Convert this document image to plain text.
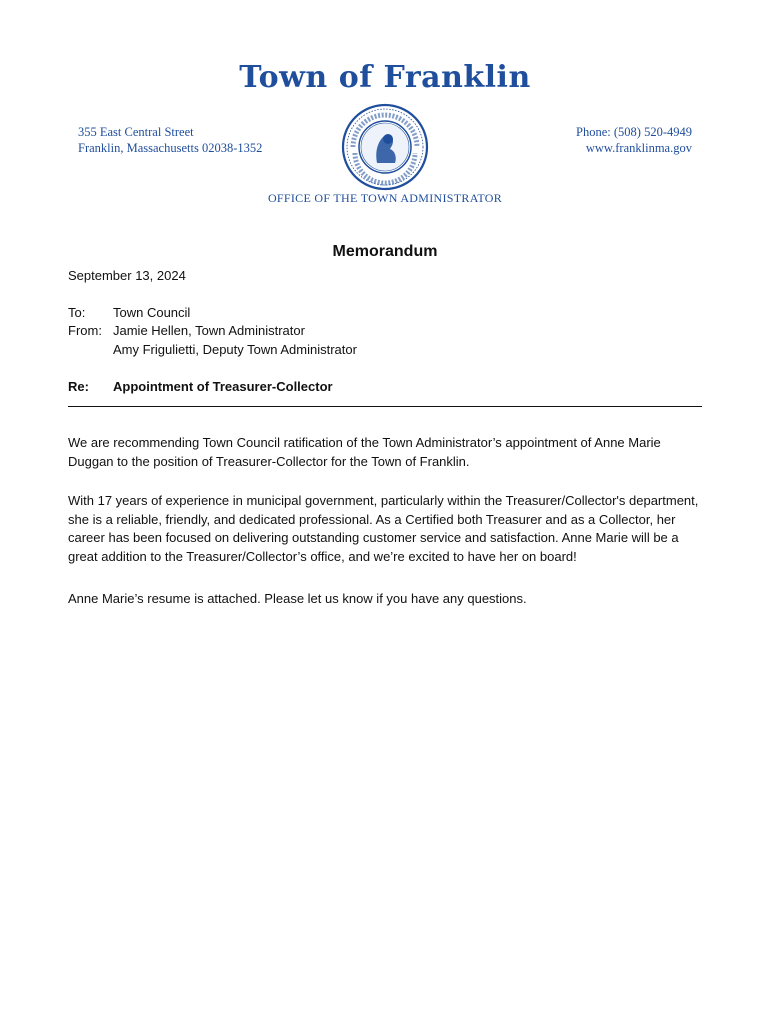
Town of Franklin
355 East Central Street
Franklin, Massachusetts 02038-1352
Phone: (508) 520-4949
www.franklinma.gov
OFFICE OF THE TOWN ADMINISTRATOR
Memorandum
September 13, 2024
To: Town Council
From: Jamie Hellen, Town Administrator
Amy Frigulietti, Deputy Town Administrator
Re: Appointment of Treasurer-Collector
We are recommending Town Council ratification of the Town Administrator’s appointment of Anne Marie Duggan to the position of Treasurer-Collector for the Town of Franklin.
With 17 years of experience in municipal government, particularly within the Treasurer/Collector's department, she is a reliable, friendly, and dedicated professional. As a Certified both Treasurer and as a Collector, her career has been focused on delivering outstanding customer service and satisfaction. Anne Marie will be a great addition to the Treasurer/Collector’s office, and we’re excited to have her on board!
Anne Marie’s resume is attached. Please let us know if you have any questions.
